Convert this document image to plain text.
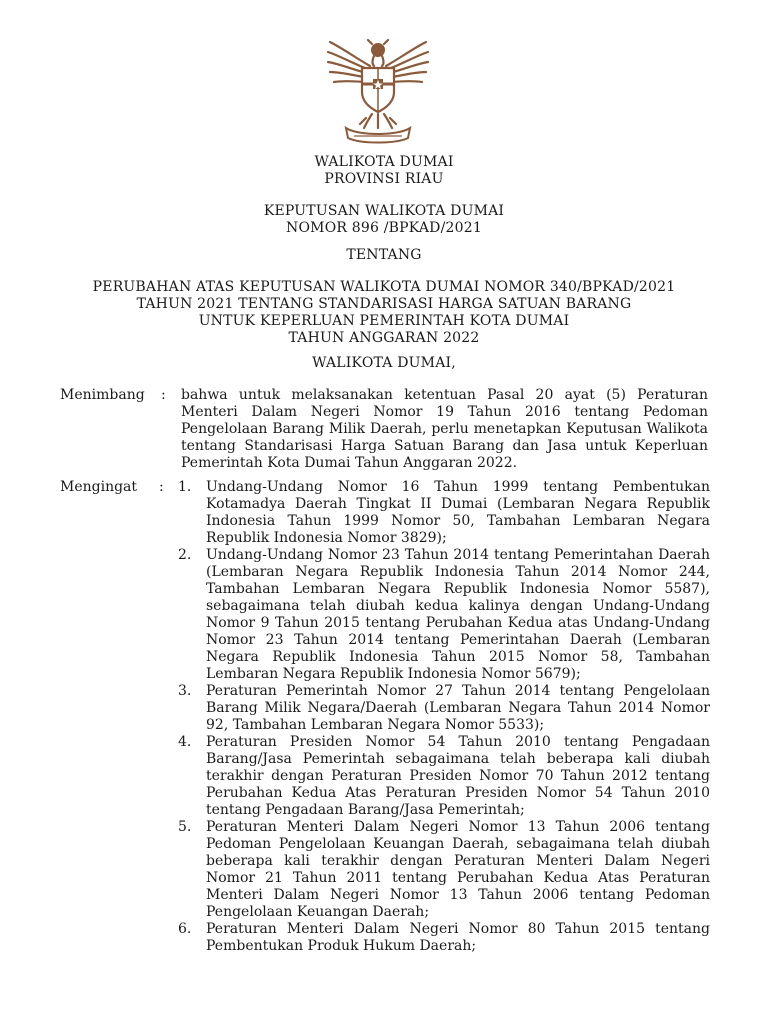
WALIKOTA DUMAI
PROVINSI RIAU
KEPUTUSAN WALIKOTA DUMAI
NOMOR 896 /BPKAD/2021
TENTANG
PERUBAHAN ATAS KEPUTUSAN WALIKOTA DUMAI NOMOR 340/BPKAD/2021
TAHUN 2021 TENTANG STANDARISASI HARGA SATUAN BARANG
UNTUK KEPERLUAN PEMERINTAH KOTA DUMAI
TAHUN ANGGARAN 2022
WALIKOTA DUMAI,
Menimbang : bahwa untuk melaksanakan ketentuan Pasal 20 ayat (5) Peraturan Menteri Dalam Negeri Nomor 19 Tahun 2016 tentang Pedoman Pengelolaan Barang Milik Daerah, perlu menetapkan Keputusan Walikota tentang Standarisasi Harga Satuan Barang dan Jasa untuk Keperluan Pemerintah Kota Dumai Tahun Anggaran 2022.
Mengingat : 1. Undang-Undang Nomor 16 Tahun 1999 tentang Pembentukan Kotamadya Daerah Tingkat II Dumai (Lembaran Negara Republik Indonesia Tahun 1999 Nomor 50, Tambahan Lembaran Negara Republik Indonesia Nomor 3829);
2. Undang-Undang Nomor 23 Tahun 2014 tentang Pemerintahan Daerah (Lembaran Negara Republik Indonesia Tahun 2014 Nomor 244, Tambahan Lembaran Negara Republik Indonesia Nomor 5587), sebagaimana telah diubah kedua kalinya dengan Undang-Undang Nomor 9 Tahun 2015 tentang Perubahan Kedua atas Undang-Undang Nomor 23 Tahun 2014 tentang Pemerintahan Daerah (Lembaran Negara Republik Indonesia Tahun 2015 Nomor 58, Tambahan Lembaran Negara Republik Indonesia Nomor 5679);
3. Peraturan Pemerintah Nomor 27 Tahun 2014 tentang Pengelolaan Barang Milik Negara/Daerah (Lembaran Negara Tahun 2014 Nomor 92, Tambahan Lembaran Negara Nomor 5533);
4. Peraturan Presiden Nomor 54 Tahun 2010 tentang Pengadaan Barang/Jasa Pemerintah sebagaimana telah beberapa kali diubah terakhir dengan Peraturan Presiden Nomor 70 Tahun 2012 tentang Perubahan Kedua Atas Peraturan Presiden Nomor 54 Tahun 2010 tentang Pengadaan Barang/Jasa Pemerintah;
5. Peraturan Menteri Dalam Negeri Nomor 13 Tahun 2006 tentang Pedoman Pengelolaan Keuangan Daerah, sebagaimana telah diubah beberapa kali terakhir dengan Peraturan Menteri Dalam Negeri Nomor 21 Tahun 2011 tentang Perubahan Kedua Atas Peraturan Menteri Dalam Negeri Nomor 13 Tahun 2006 tentang Pedoman Pengelolaan Keuangan Daerah;
6. Peraturan Menteri Dalam Negeri Nomor 80 Tahun 2015 tentang Pembentukan Produk Hukum Daerah;
